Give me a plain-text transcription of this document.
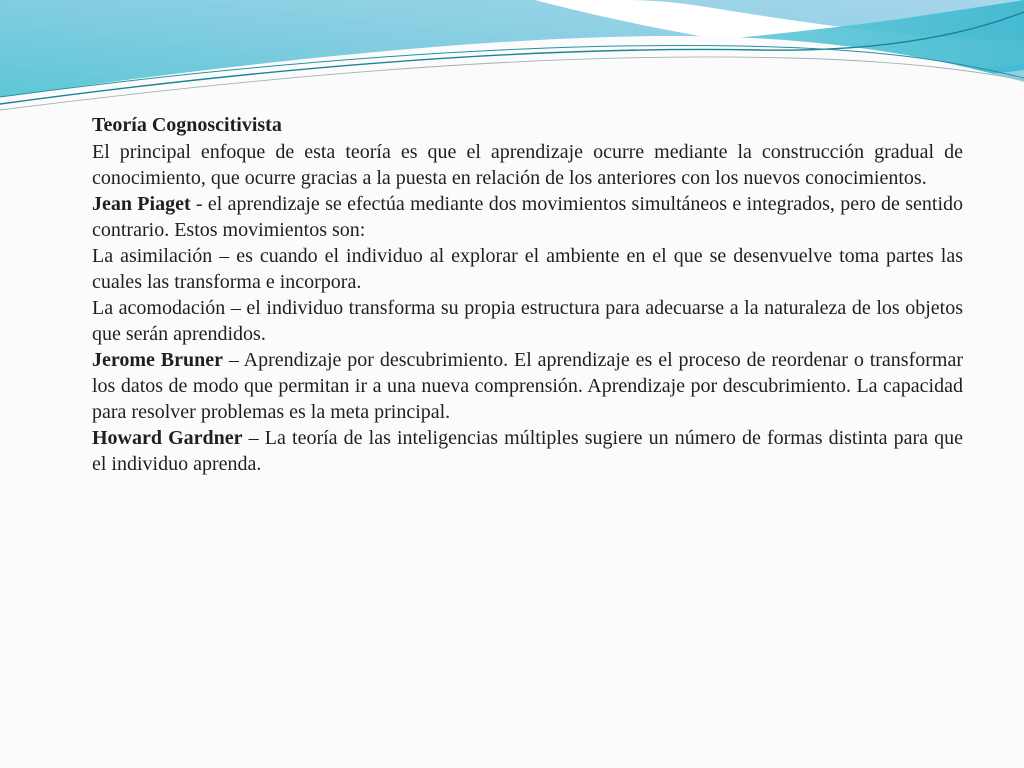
Teoría Cognoscitivista

El principal enfoque de esta teoría es que el aprendizaje ocurre mediante la construcción gradual de conocimiento, que ocurre gracias a la puesta en relación de los anteriores con los nuevos conocimientos.

Jean Piaget - el aprendizaje se efectúa mediante dos movimientos simultáneos e integrados, pero de sentido contrario. Estos movimientos son:

La asimilación – es cuando el individuo al explorar el ambiente en el que se desenvuelve toma partes las cuales las transforma e incorpora.

La acomodación – el individuo transforma su propia estructura para adecuarse a la naturaleza de los objetos que serán aprendidos.

Jerome Bruner – Aprendizaje por descubrimiento. El aprendizaje es el proceso de reordenar o transformar los datos de modo que permitan ir a una nueva comprensión. Aprendizaje por descubrimiento. La capacidad para resolver problemas es la meta principal.

Howard Gardner – La teoría de las inteligencias múltiples sugiere un número de formas distinta para que el individuo aprenda.
